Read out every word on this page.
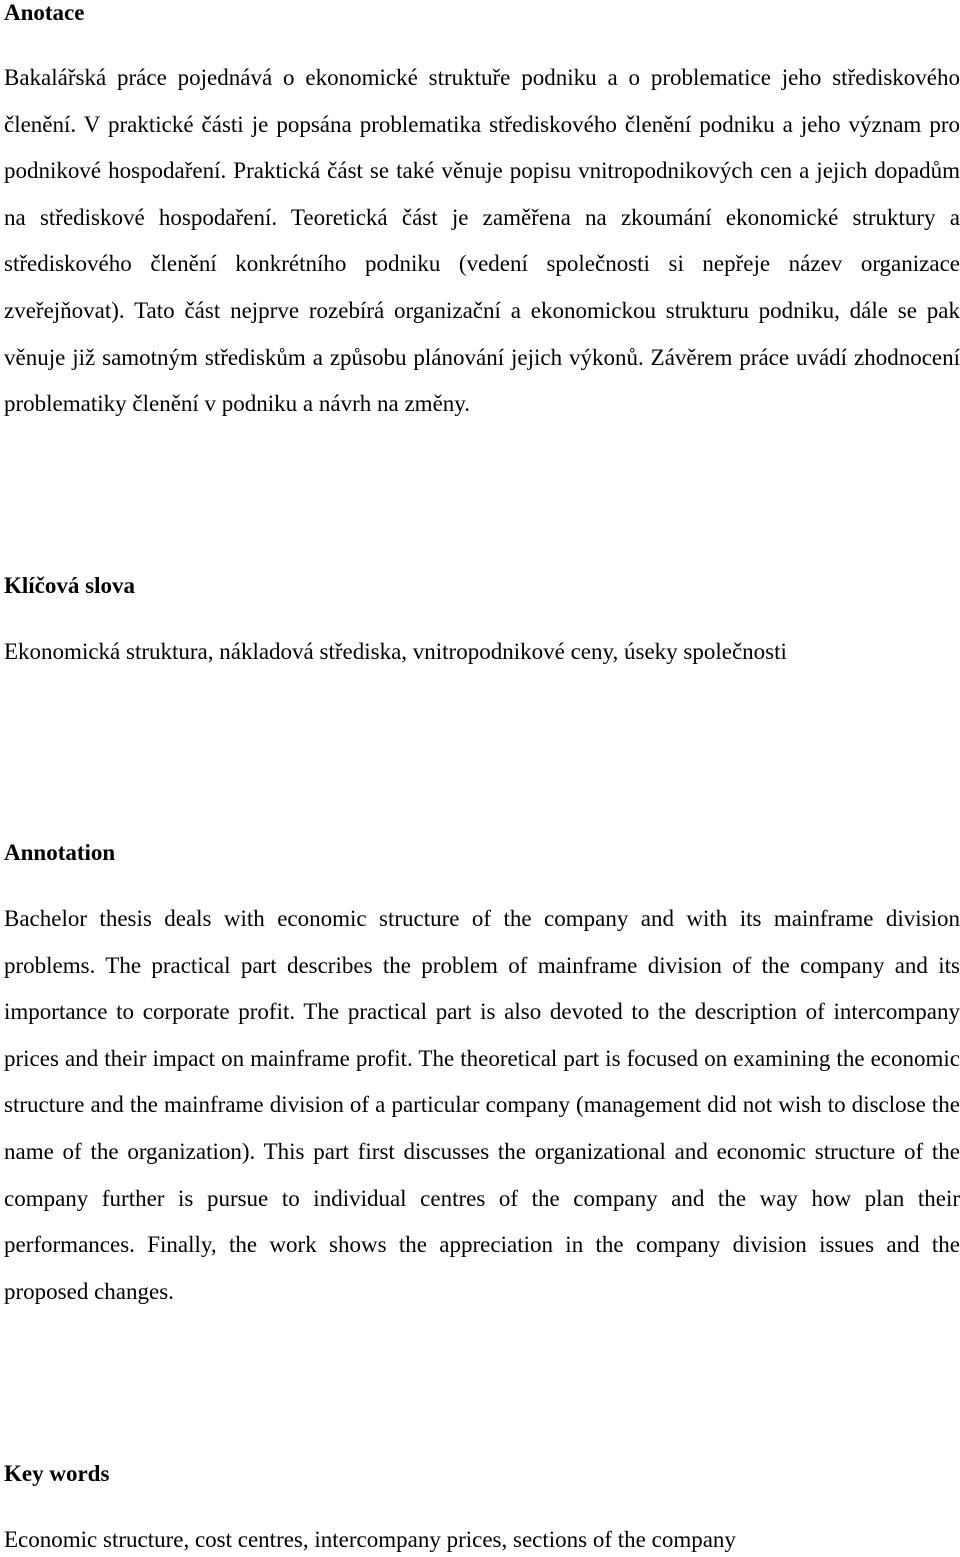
Anotace

Bakalářská práce pojednává o ekonomické struktuře podniku a o problematice jeho střediskového členění. V praktické části je popsána problematika střediskového členění podniku a jeho význam pro podnikové hospodaření. Praktická část se také věnuje popisu vnitropodnikových cen a jejich dopadům na střediskové hospodaření. Teoretická část je zaměřena na zkoumání ekonomické struktury a střediskového členění konkrétního podniku (vedení společnosti si nepřeje název organizace zveřejňovat). Tato část nejprve rozebírá organizační a ekonomickou strukturu podniku, dále se pak věnuje již samotným střediskům a způsobu plánování jejich výkonů. Závěrem práce uvádí zhodnocení problematiky členění v podniku a návrh na změny.

Klíčová slova

Ekonomická struktura, nákladová střediska, vnitropodnikové ceny, úseky společnosti

Annotation

Bachelor thesis deals with economic structure of the company and with its mainframe division problems. The practical part describes the problem of mainframe division of the company and its importance to corporate profit. The practical part is also devoted to the description of intercompany prices and their impact on mainframe profit. The theoretical part is focused on examining the economic structure and the mainframe division of a particular company (management did not wish to disclose the name of the organization). This part first discusses the organizational and economic structure of the company further is pursue to individual centres of the company and the way how plan their performances. Finally, the work shows the appreciation in the company division issues and the proposed changes.

Key words

Economic structure, cost centres, intercompany prices, sections of the company
